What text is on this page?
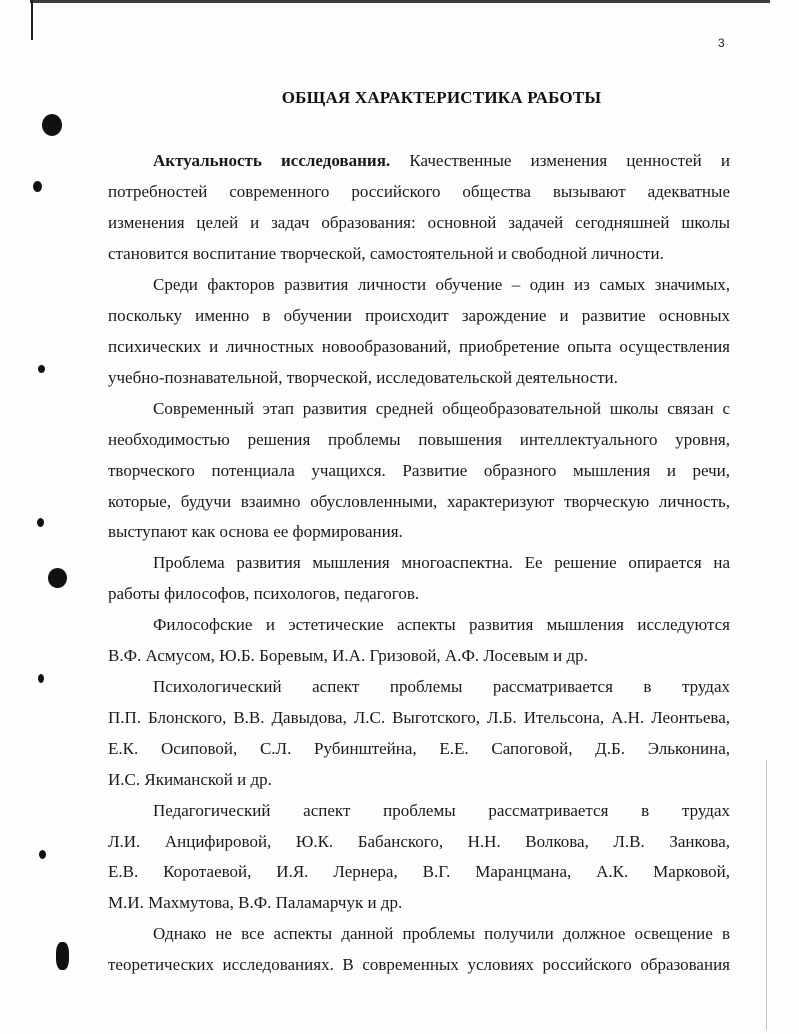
3
ОБЩАЯ ХАРАКТЕРИСТИКА РАБОТЫ
Актуальность исследования. Качественные изменения ценностей и
потребностей современного российского общества вызывают адекватные
изменения целей и задач образования: основной задачей сегодняшней школы
становится воспитание творческой, самостоятельной и свободной личности.
Среди факторов развития личности обучение – один из самых значимых,
поскольку именно в обучении происходит зарождение и развитие основных
психических и личностных новообразований, приобретение опыта осуществления
учебно-познавательной, творческой, исследовательской деятельности.
Современный этап развития средней общеобразовательной школы связан с
необходимостью решения проблемы повышения интеллектуального уровня,
творческого потенциала учащихся. Развитие образного мышления и речи,
которые, будучи взаимно обусловленными, характеризуют творческую личность,
выступают как основа ее формирования.
Проблема развития мышления многоаспектна. Ее решение опирается на
работы философов, психологов, педагогов.
Философские и эстетические аспекты развития мышления исследуются
В.Ф. Асмусом, Ю.Б. Боревым, И.А. Гризовой, А.Ф. Лосевым и др.
Психологический аспект проблемы рассматривается в трудах
П.П. Блонского, В.В. Давыдова, Л.С. Выготского, Л.Б. Ительсона, А.Н. Леонтьева,
Е.К. Осиповой, С.Л. Рубинштейна, Е.Е. Сапоговой, Д.Б. Эльконина,
И.С. Якиманской и др.
Педагогический аспект проблемы рассматривается в трудах
Л.И. Анцифировой, Ю.К. Бабанского, Н.Н. Волкова, Л.В. Занкова,
Е.В. Коротаевой, И.Я. Лернера, В.Г. Маранцмана, А.К. Марковой,
М.И. Махмутова, В.Ф. Паламарчук и др.
Однако не все аспекты данной проблемы получили должное освещение в
теоретических исследованиях. В современных условиях российского образования
